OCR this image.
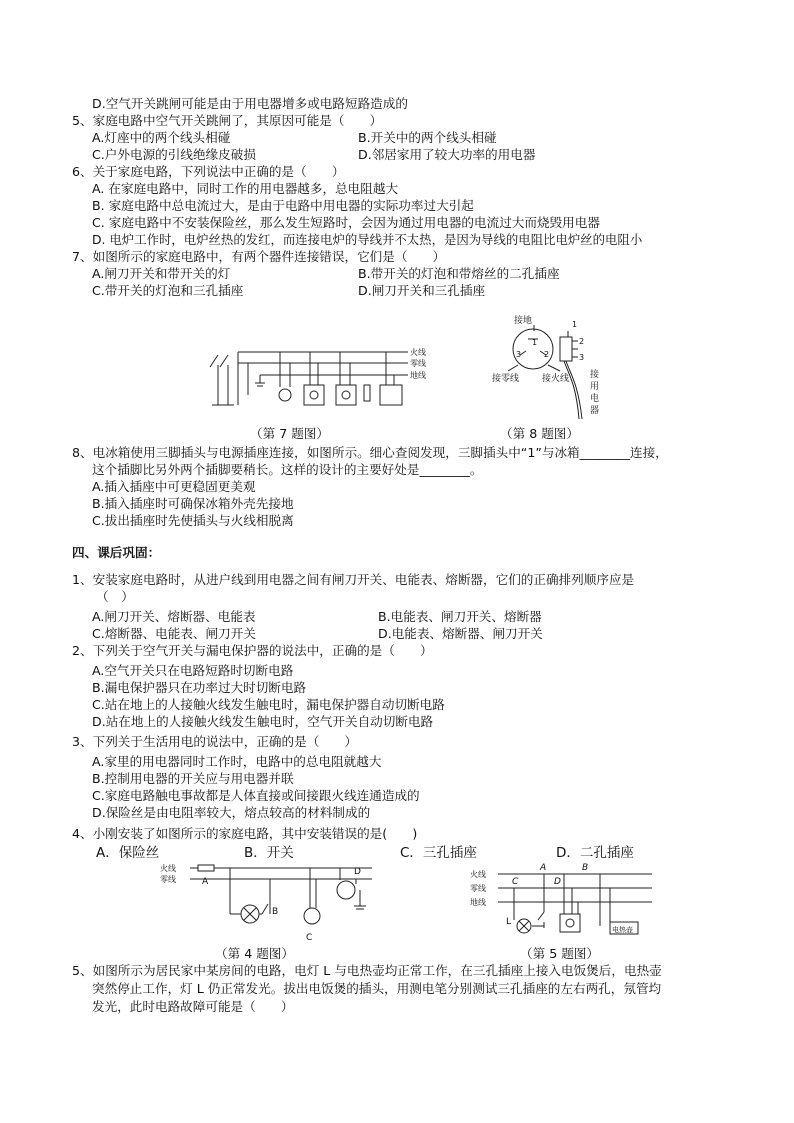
D.空气开关跳闸可能是由于用电器增多或电路短路造成的
5、家庭电路中空气开关跳闸了，其原因可能是（　　）
A.灯座中的两个线头相碰	B.开关中的两个线头相碰
C.户外电源的引线绝缘皮破损	D.邻居家用了较大功率的用电器
6、关于家庭电路，下列说法中正确的是（　　）
A. 在家庭电路中，同时工作的用电器越多，总电阻越大
B. 家庭电路中总电流过大，是由于电路中用电器的实际功率过大引起
C. 家庭电路中不安装保险丝，那么发生短路时，会因为通过用电器的电流过大而烧毁用电器
D. 电炉工作时，电炉丝热的发红，而连接电炉的导线并不太热，是因为导线的电阻比电炉丝的电阻小
7、如图所示的家庭电路中，有两个器件连接错误，它们是（　　）
A.闸刀开关和带开关的灯	B.带开关的灯泡和带熔丝的二孔插座
C.带开关的灯泡和三孔插座	D.闸刀开关和三孔插座
火线
零线
地线
（第 7 题图）
接地
1
3	2
1
2
3
接零线	接火线 接
用
电
器
（第 8 题图）
8、电冰箱使用三脚插头与电源插座连接，如图所示。细心查阅发现，三脚插头中“1”与冰箱________连接，
这个插脚比另外两个插脚要稍长。这样的设计的主要好处是________。
A.插入插座中可更稳固更美观
B.插入插座时可确保冰箱外壳先接地
C.拔出插座时先使插头与火线相脱离
四、课后巩固：
1、安装家庭电路时，从进户线到用电器之间有闸刀开关、电能表、熔断器，它们的正确排列顺序应是
（　）
A.闸刀开关、熔断器、电能表	B.电能表、闸刀开关、熔断器
C.熔断器、电能表、闸刀开关	D.电能表、熔断器、闸刀开关
2、下列关于空气开关与漏电保护器的说法中，正确的是（　　）
A.空气开关只在电路短路时切断电路
B.漏电保护器只在功率过大时切断电路
C.站在地上的人接触火线发生触电时，漏电保护器自动切断电路
D.站在地上的人接触火线发生触电时，空气开关自动切断电路
3、下列关于生活用电的说法中，正确的是（　　）
A.家里的用电器同时工作时，电路中的总电阻就越大
B.控制用电器的开关应与用电器并联
C.家庭电路触电事故都是人体直接或间接跟火线连通造成的
D.保险丝是由电阻率较大，熔点较高的材料制成的
4、小刚安装了如图所示的家庭电路，其中安装错误的是(　　)
A．保险丝	B．开关	C．三孔插座	D．二孔插座
火线
零线	A
B
C
D
（第 4 题图）
火线
零线
地线
A	B
C	D
L
电热壶
（第 5 题图）
5、如图所示为居民家中某房间的电路，电灯 L 与电热壶均正常工作，在三孔插座上接入电饭煲后，电热壶
突然停止工作，灯 L 仍正常发光。拔出电饭煲的插头，用测电笔分别测试三孔插座的左右两孔，氖管均
发光，此时电路故障可能是（　　）
